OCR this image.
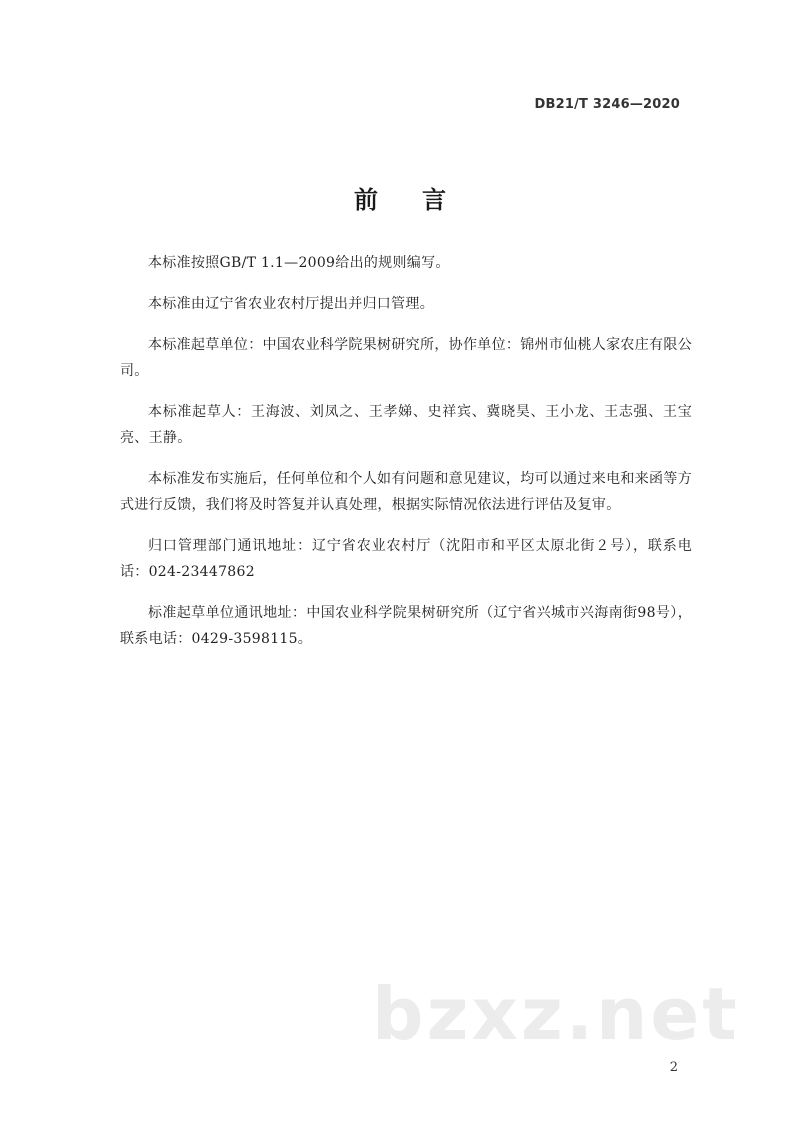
DB21/T 3246—2020
前言

本标准按照GB/T 1.1—2009给出的规则编写。

本标准由辽宁省农业农村厅提出并归口管理。

本标准起草单位：中国农业科学院果树研究所，协作单位：锦州市仙桃人家农庄有限公司。

本标准起草人：王海波、刘凤之、王孝娣、史祥宾、冀晓昊、王小龙、王志强、王宝亮、王静。

本标准发布实施后，任何单位和个人如有问题和意见建议，均可以通过来电和来函等方式进行反馈，我们将及时答复并认真处理，根据实际情况依法进行评估及复审。

归口管理部门通讯地址：辽宁省农业农村厅（沈阳市和平区太原北街２号），联系电话：024-23447862

标准起草单位通讯地址：中国农业科学院果树研究所（辽宁省兴城市兴海南街98号），联系电话：0429-3598115。

bzxz.net
2
